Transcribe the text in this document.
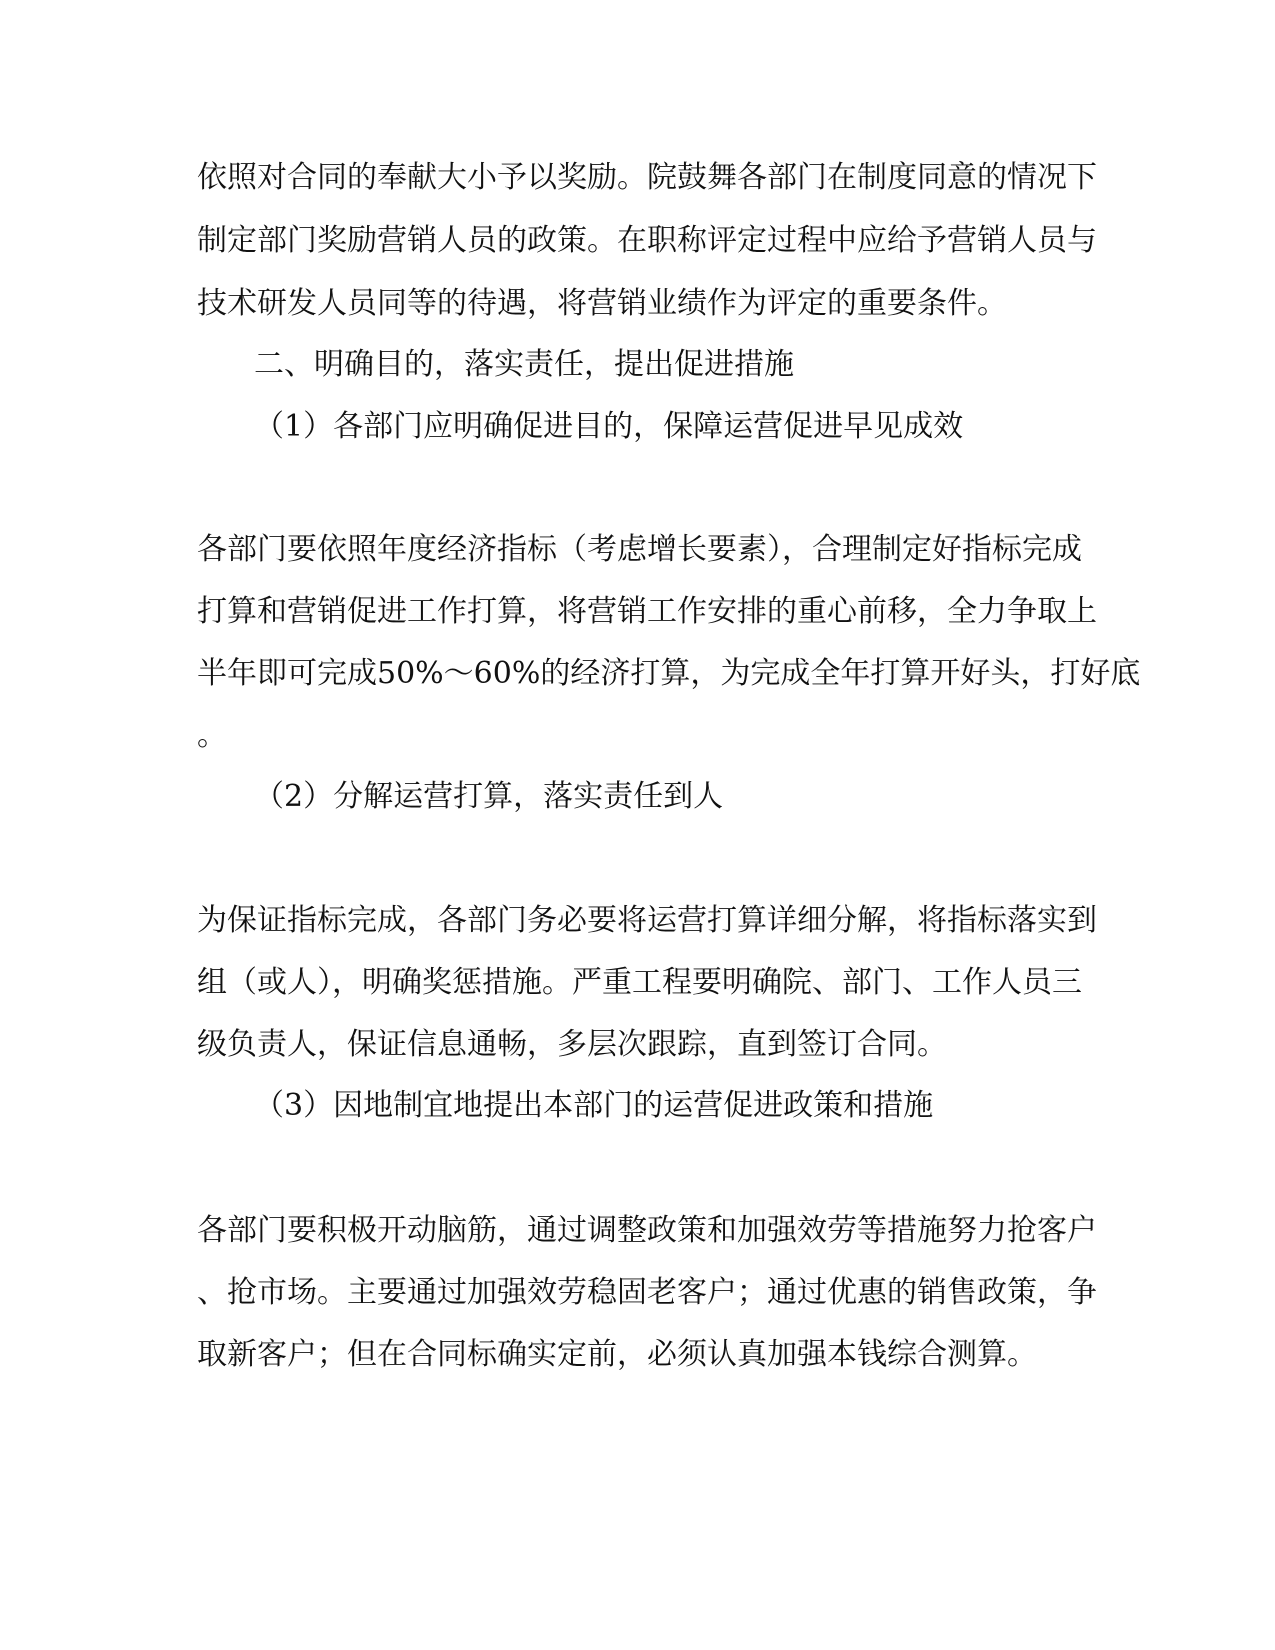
依照对合同的奉献大小予以奖励。院鼓舞各部门在制度同意的情况下
制定部门奖励营销人员的政策。在职称评定过程中应给予营销人员与
技术研发人员同等的待遇，将营销业绩作为评定的重要条件。
二、明确目的，落实责任，提出促进措施
（1）各部门应明确促进目的，保障运营促进早见成效
各部门要依照年度经济指标（考虑增长要素），合理制定好指标完成
打算和营销促进工作打算，将营销工作安排的重心前移，全力争取上
半年即可完成50%～60%的经济打算，为完成全年打算开好头，打好底
。
（2）分解运营打算，落实责任到人
为保证指标完成，各部门务必要将运营打算详细分解，将指标落实到
组（或人），明确奖惩措施。严重工程要明确院、部门、工作人员三
级负责人，保证信息通畅，多层次跟踪，直到签订合同。
（3）因地制宜地提出本部门的运营促进政策和措施
各部门要积极开动脑筋，通过调整政策和加强效劳等措施努力抢客户
、抢市场。主要通过加强效劳稳固老客户；通过优惠的销售政策，争
取新客户；但在合同标确实定前，必须认真加强本钱综合测算。
